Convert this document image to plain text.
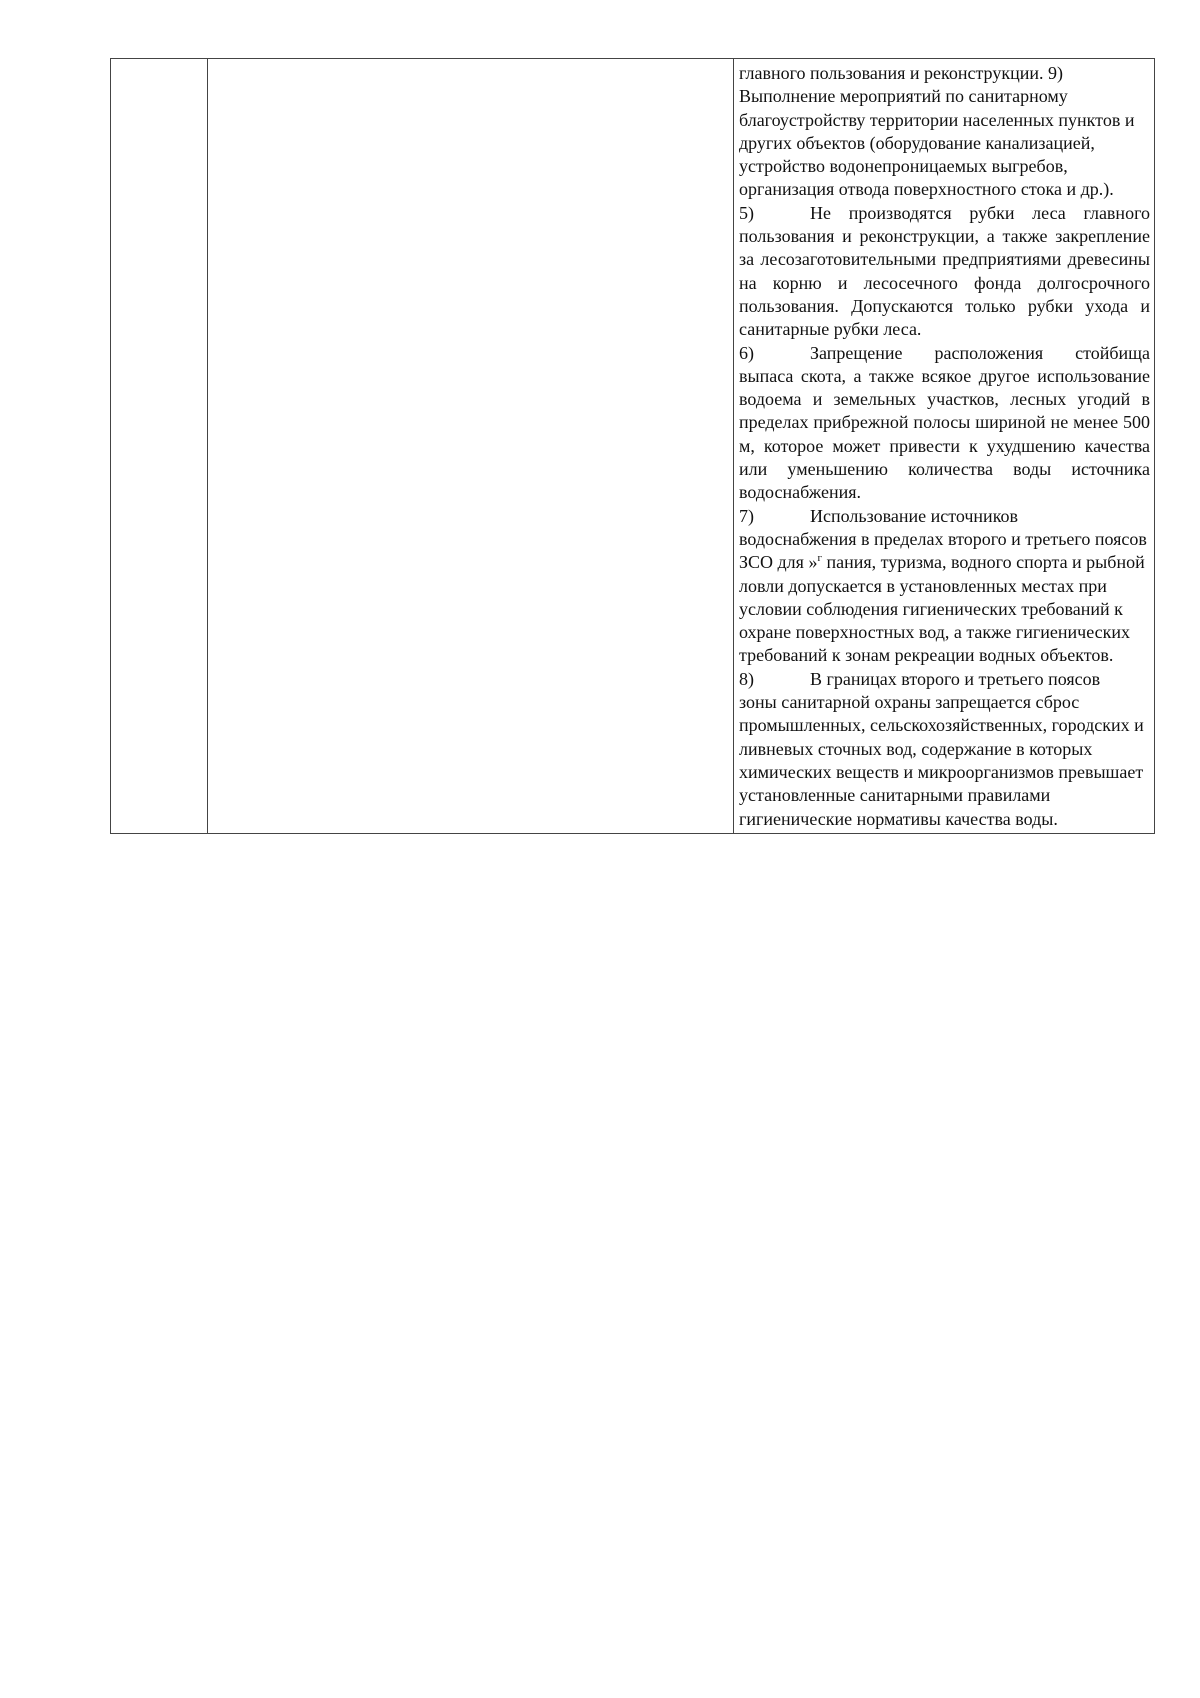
главного пользования и реконструкции. 9) Выполнение мероприятий по санитарному благоустройству территории населенных пунктов и других объектов (оборудование канализацией, устройство водонепроницаемых выгребов, организация отвода поверхностного стока и др.).

5)	Не производятся рубки леса главного

пользования и реконструкции, а также закрепление за лесозаготовительными предприятиями древесины на корню и лесосечного фонда долгосрочного пользования. Допускаются только рубки ухода и санитарные рубки леса.

6)	Запрещение расположения стойбища

выпаса скота, а также всякое другое использование водоема и земельных участков, лесных угодий в пределах прибрежной полосы шириной не менее 500 м, которое может привести к ухудшению качества или уменьшению количества воды источника водоснабжения.

7)	Использование источников

водоснабжения в пределах второго и третьего поясов ЗСО для »$^г$ пания, туризма, водного спорта и рыбной ловли допускается в установленных местах при условии соблюдения гигиенических требований к охране поверхностных вод, а также гигиенических требований к зонам рекреации водных объектов.

8)	В границах второго и третьего поясов

зоны санитарной охраны запрещается сброс промышленных, сельскохозяйственных, городских и ливневых сточных вод, содержание в которых химических веществ и микроорганизмов превышает установленные санитарными правилами гигиенические нормативы качества воды.
